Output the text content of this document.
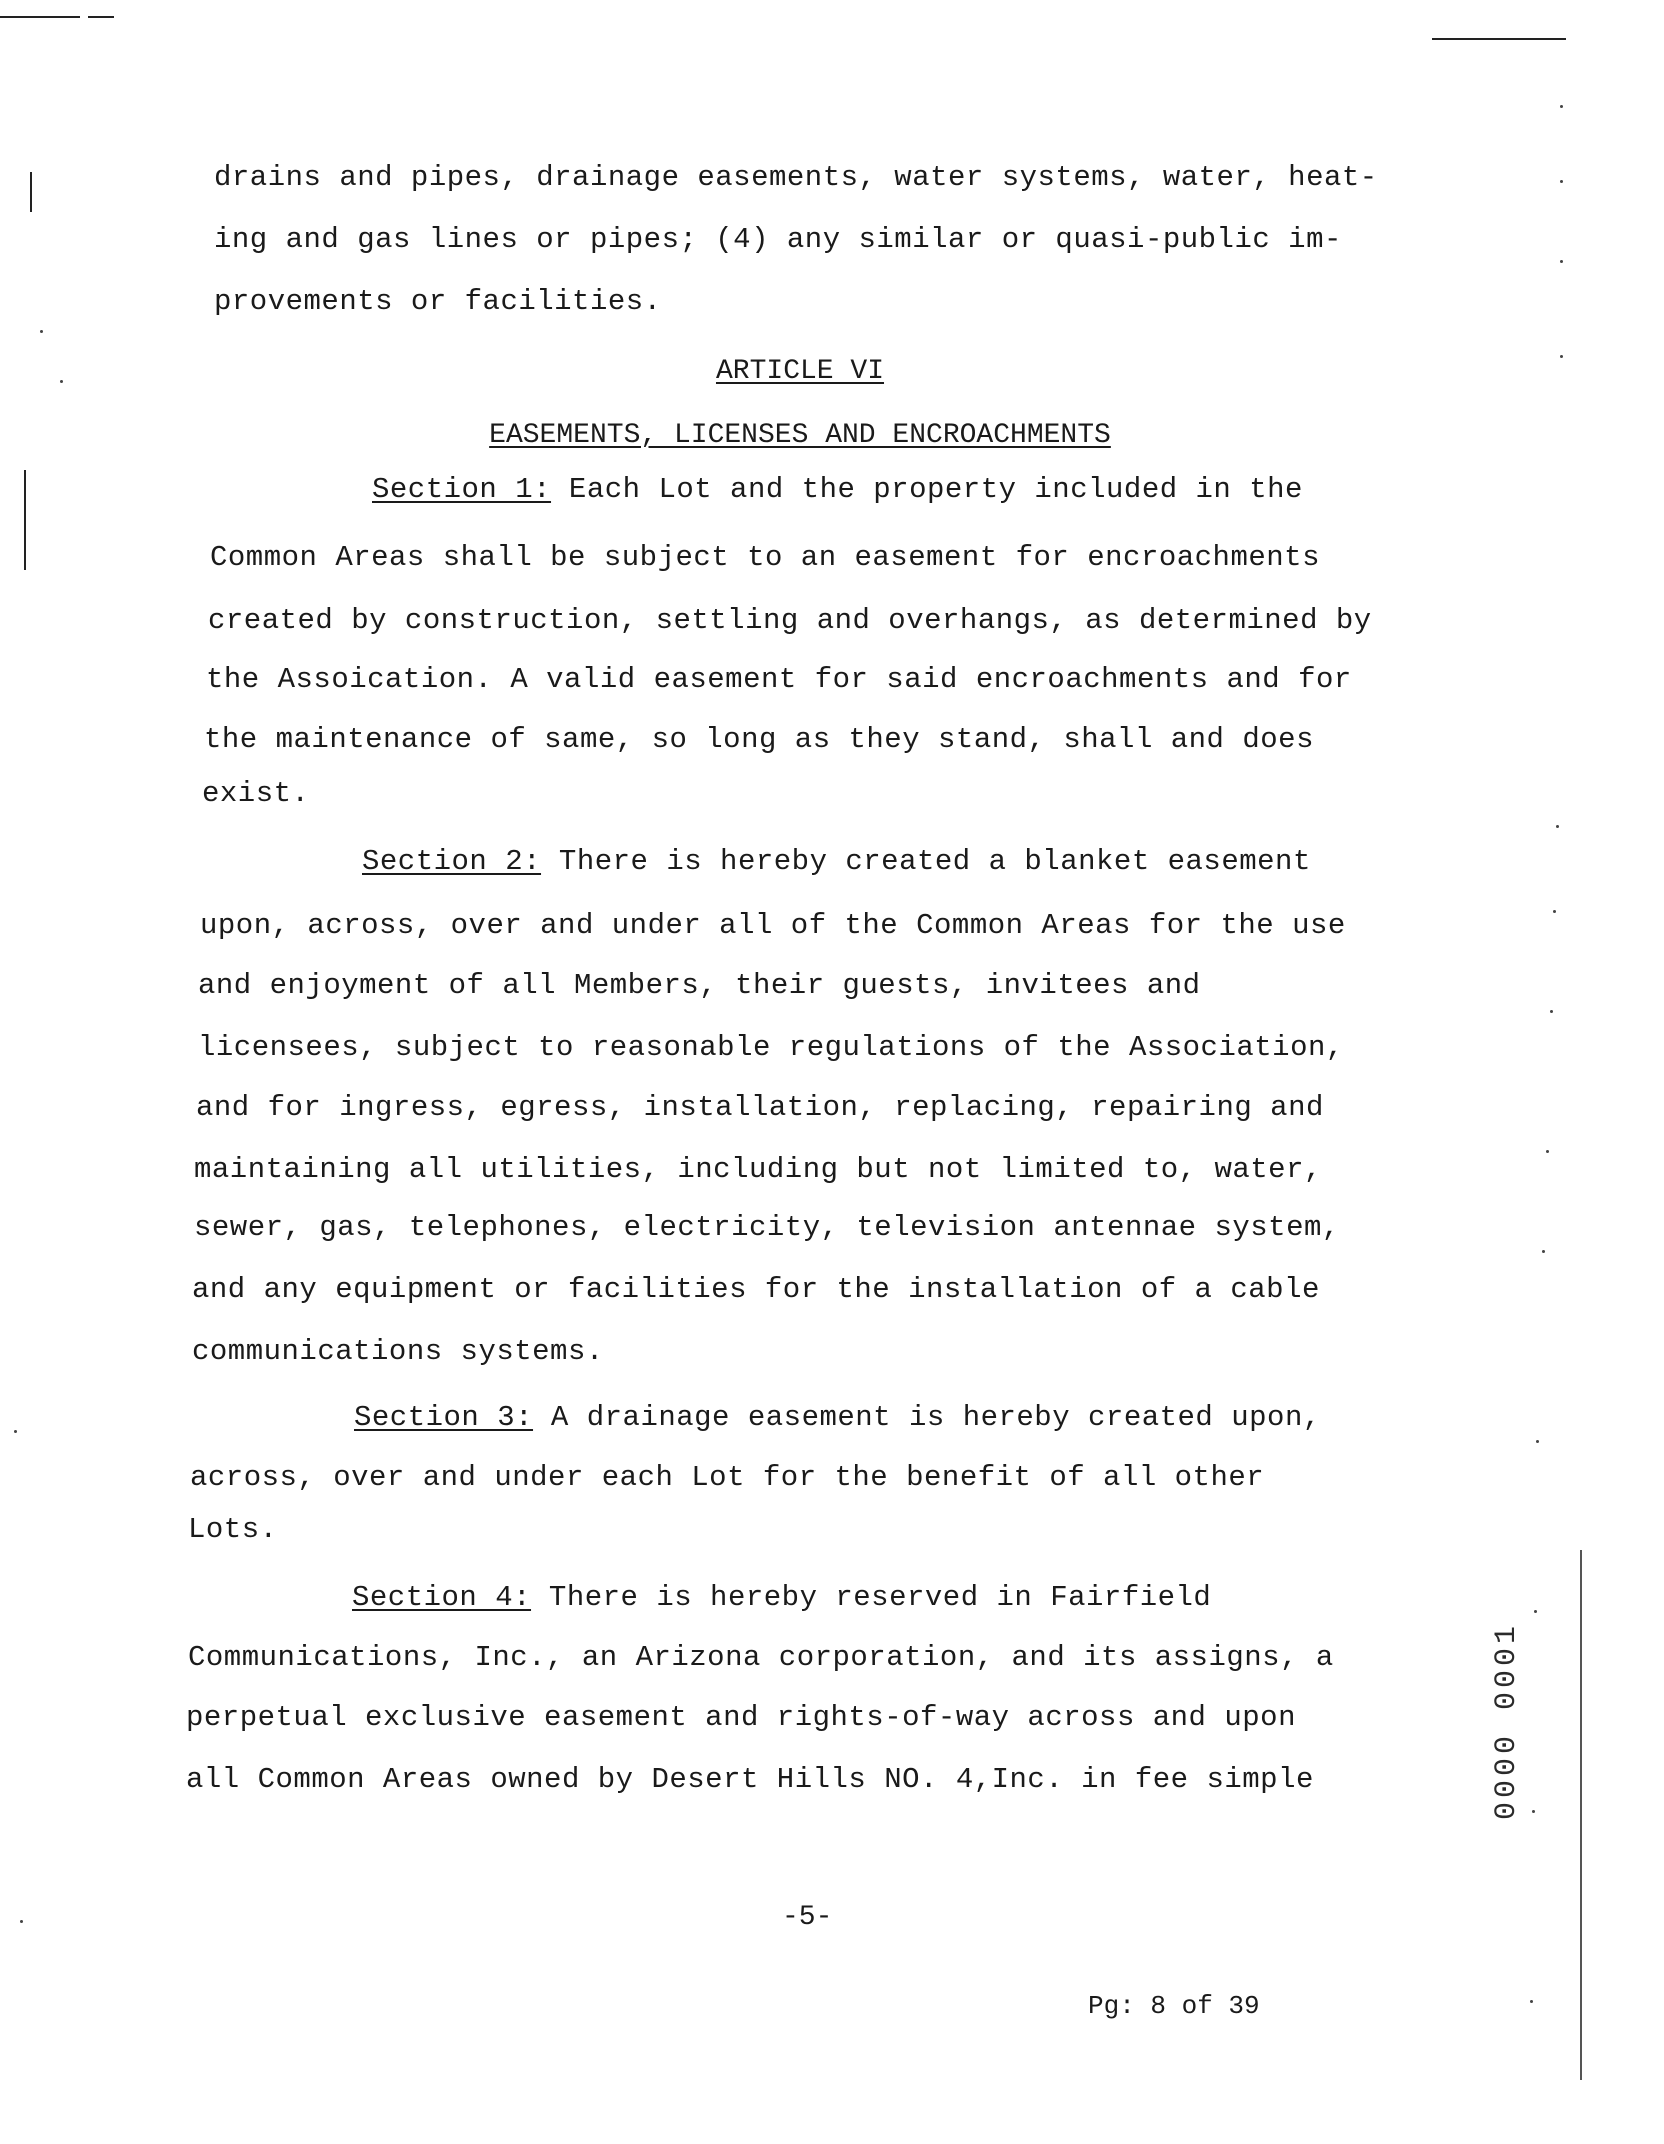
drains and pipes, drainage easements, water systems, water, heat-
ing and gas lines or pipes; (4) any similar or quasi-public im-
provements or facilities.
ARTICLE VI
EASEMENTS, LICENSES AND ENCROACHMENTS
Section 1: Each Lot and the property included in the
Common Areas shall be subject to an easement for encroachments
created by construction, settling and overhangs, as determined by
the Assoication. A valid easement for said encroachments and for
the maintenance of same, so long as they stand, shall and does
exist.
Section 2: There is hereby created a blanket easement
upon, across, over and under all of the Common Areas for the use
and enjoyment of all Members, their guests, invitees and
licensees, subject to reasonable regulations of the Association,
and for ingress, egress, installation, replacing, repairing and
maintaining all utilities, including but not limited to, water,
sewer, gas, telephones, electricity, television antennae system,
and any equipment or facilities for the installation of a cable
communications systems.
Section 3: A drainage easement is hereby created upon,
across, over and under each Lot for the benefit of all other
Lots.
Section 4: There is hereby reserved in Fairfield
Communications, Inc., an Arizona corporation, and its assigns, a
perpetual exclusive easement and rights-of-way across and upon
all Common Areas owned by Desert Hills NO. 4,Inc. in fee simple
-5-
Pg: 8 of 39
0000 0001
